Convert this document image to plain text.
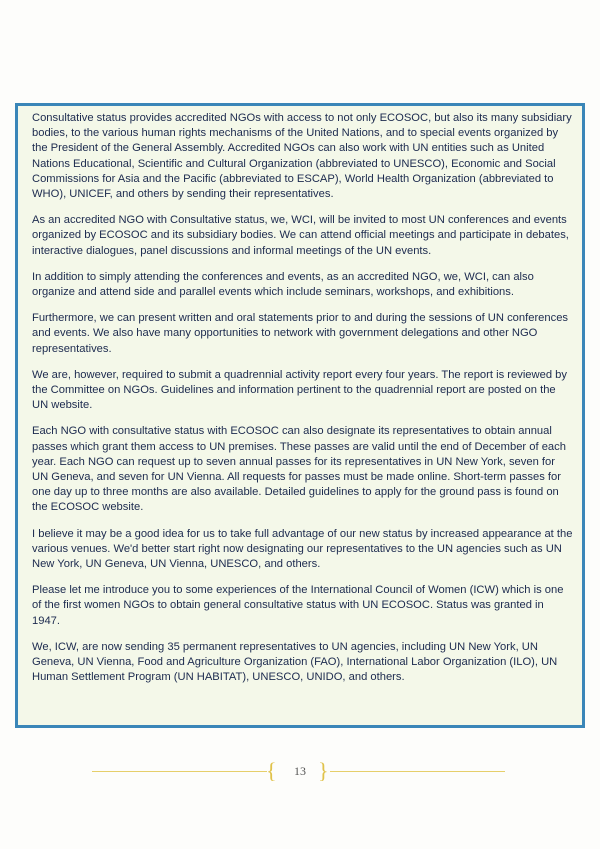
Consultative status provides accredited NGOs with access to not only ECOSOC, but also its many subsidiary bodies, to the various human rights mechanisms of the United Nations, and to special events organized by the President of the General Assembly. Accredited NGOs can also work with UN entities such as United Nations Educational, Scientific and Cultural Organization (abbreviated to UNESCO), Economic and Social Commissions for Asia and the Pacific (abbreviated to ESCAP), World Health Organization (abbreviated to WHO), UNICEF, and others by sending their representatives.

As an accredited NGO with Consultative status, we, WCI, will be invited to most UN conferences and events organized by ECOSOC and its subsidiary bodies. We can attend official meetings and participate in debates, interactive dialogues, panel discussions and informal meetings of the UN events.

In addition to simply attending the conferences and events, as an accredited NGO, we, WCI, can also organize and attend side and parallel events which include seminars, workshops, and exhibitions.

Furthermore, we can present written and oral statements prior to and during the sessions of UN conferences and events. We also have many opportunities to network with government delegations and other NGO representatives.

We are, however, required to submit a quadrennial activity report every four years. The report is reviewed by the Committee on NGOs. Guidelines and information pertinent to the quadrennial report are posted on the UN website.

Each NGO with consultative status with ECOSOC can also designate its representatives to obtain annual passes which grant them access to UN premises. These passes are valid until the end of December of each year. Each NGO can request up to seven annual passes for its representatives in UN New York, seven for UN Geneva, and seven for UN Vienna. All requests for passes must be made online. Short-term passes for one day up to three months are also available. Detailed guidelines to apply for the ground pass is found on the ECOSOC website.

I believe it may be a good idea for us to take full advantage of our new status by increased appearance at the various venues. We'd better start right now designating our representatives to the UN agencies such as UN New York, UN Geneva, UN Vienna, UNESCO, and others.

Please let me introduce you to some experiences of the International Council of Women (ICW) which is one of the first women NGOs to obtain general consultative status with UN ECOSOC. Status was granted in 1947.

We, ICW, are now sending 35 permanent representatives to UN agencies, including UN New York, UN Geneva, UN Vienna, Food and Agriculture Organization (FAO), International Labor Organization (ILO), UN Human Settlement Program (UN HABITAT), UNESCO, UNIDO, and others.

{	13 }
